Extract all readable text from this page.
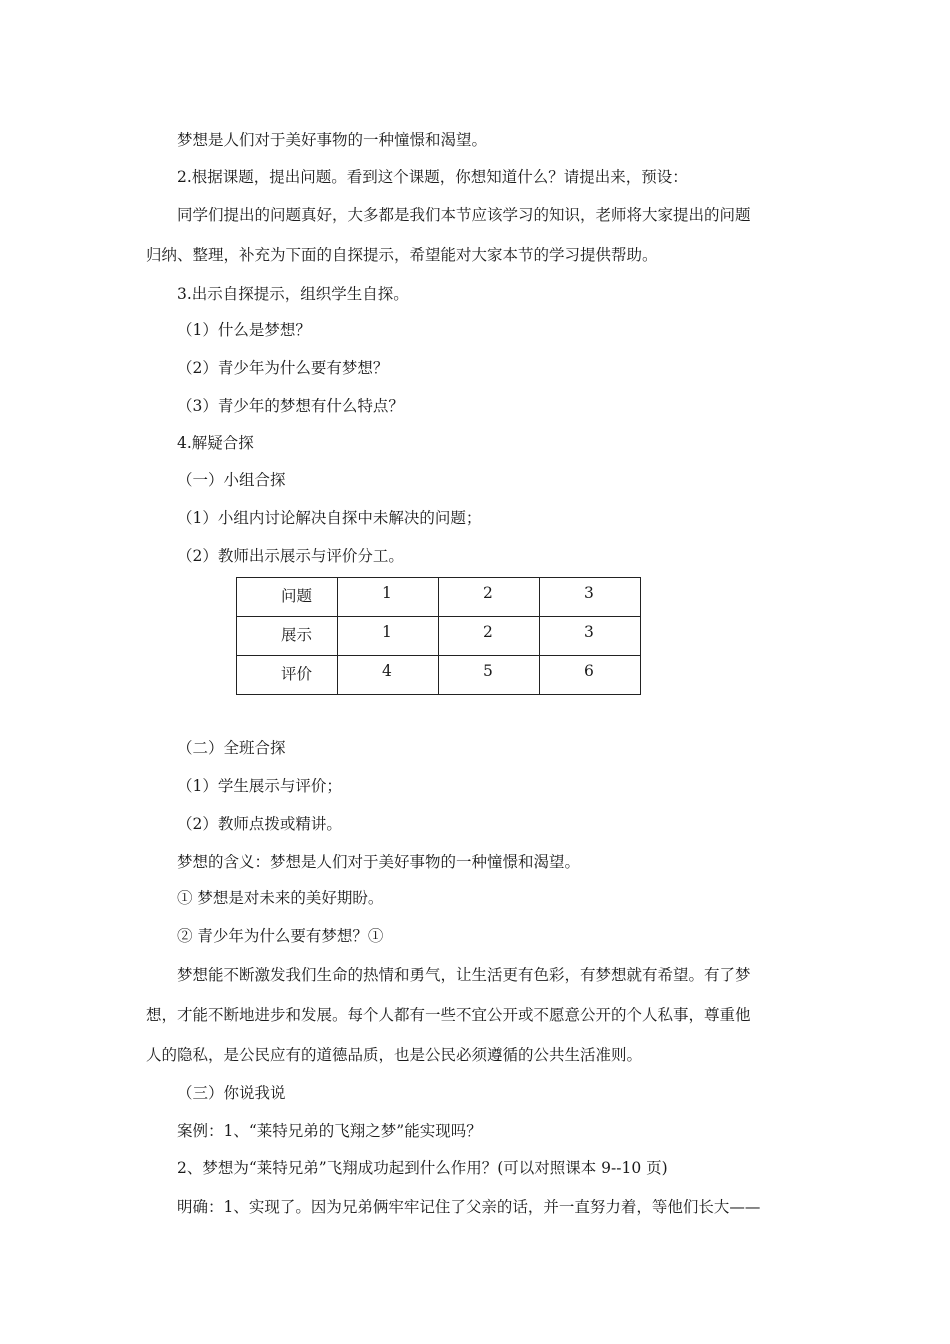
梦想是人们对于美好事物的一种憧憬和渴望。
2.根据课题，提出问题。看到这个课题，你想知道什么？请提出来，预设：
同学们提出的问题真好，大多都是我们本节应该学习的知识，老师将大家提出的问题
归纳、整理，补充为下面的自探提示，希望能对大家本节的学习提供帮助。
3.出示自探提示，组织学生自探。
（1）什么是梦想？
（2）青少年为什么要有梦想？
（3）青少年的梦想有什么特点？
4.解疑合探
（一）小组合探
（1）小组内讨论解决自探中未解决的问题；
（2）教师出示展示与评价分工。
问题	1	2	3

展示	1	2	3

评价	4	5	6
（二）全班合探
（1）学生展示与评价；
（2）教师点拨或精讲。
梦想的含义：梦想是人们对于美好事物的一种憧憬和渴望。
① 梦想是对未来的美好期盼。
② 青少年为什么要有梦想？①
梦想能不断激发我们生命的热情和勇气，让生活更有色彩，有梦想就有希望。有了梦
想，才能不断地进步和发展。每个人都有一些不宜公开或不愿意公开的个人私事，尊重他
人的隐私，是公民应有的道德品质，也是公民必须遵循的公共生活准则。
（三）你说我说
案例：1、“莱特兄弟的飞翔之梦”能实现吗？
2、梦想为“莱特兄弟”飞翔成功起到什么作用？(可以对照课本 9--10 页)
明确：1、实现了。因为兄弟俩牢牢记住了父亲的话，并一直努力着，等他们长大——
